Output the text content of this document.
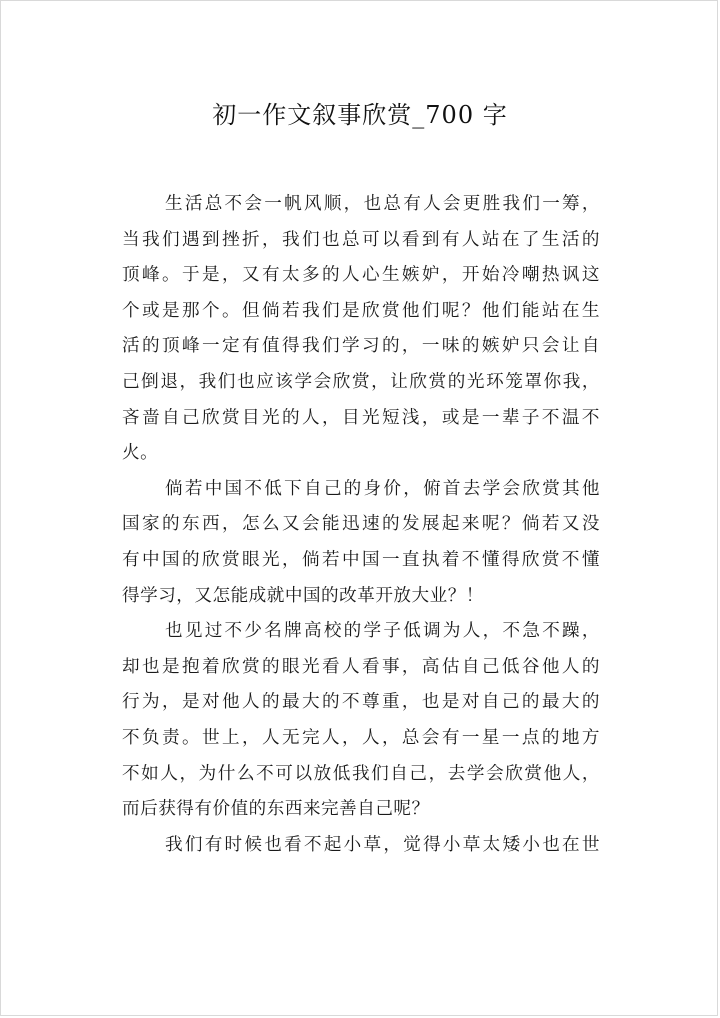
初一作文叙事欣赏_700 字
生活总不会一帆风顺，也总有人会更胜我们一筹，
当我们遇到挫折，我们也总可以看到有人站在了生活的
顶峰。于是，又有太多的人心生嫉妒，开始冷嘲热讽这
个或是那个。但倘若我们是欣赏他们呢？他们能站在生
活的顶峰一定有值得我们学习的，一味的嫉妒只会让自
己倒退，我们也应该学会欣赏，让欣赏的光环笼罩你我，
吝啬自己欣赏目光的人，目光短浅，或是一辈子不温不
火。
倘若中国不低下自己的身价，俯首去学会欣赏其他
国家的东西，怎么又会能迅速的发展起来呢？倘若又没
有中国的欣赏眼光，倘若中国一直执着不懂得欣赏不懂
得学习，又怎能成就中国的改革开放大业？！
也见过不少名牌高校的学子低调为人，不急不躁，
却也是抱着欣赏的眼光看人看事，高估自己低谷他人的
行为，是对他人的最大的不尊重，也是对自己的最大的
不负责。世上，人无完人，人，总会有一星一点的地方
不如人，为什么不可以放低我们自己，去学会欣赏他人，
而后获得有价值的东西来完善自己呢？
我们有时候也看不起小草，觉得小草太矮小也在世
